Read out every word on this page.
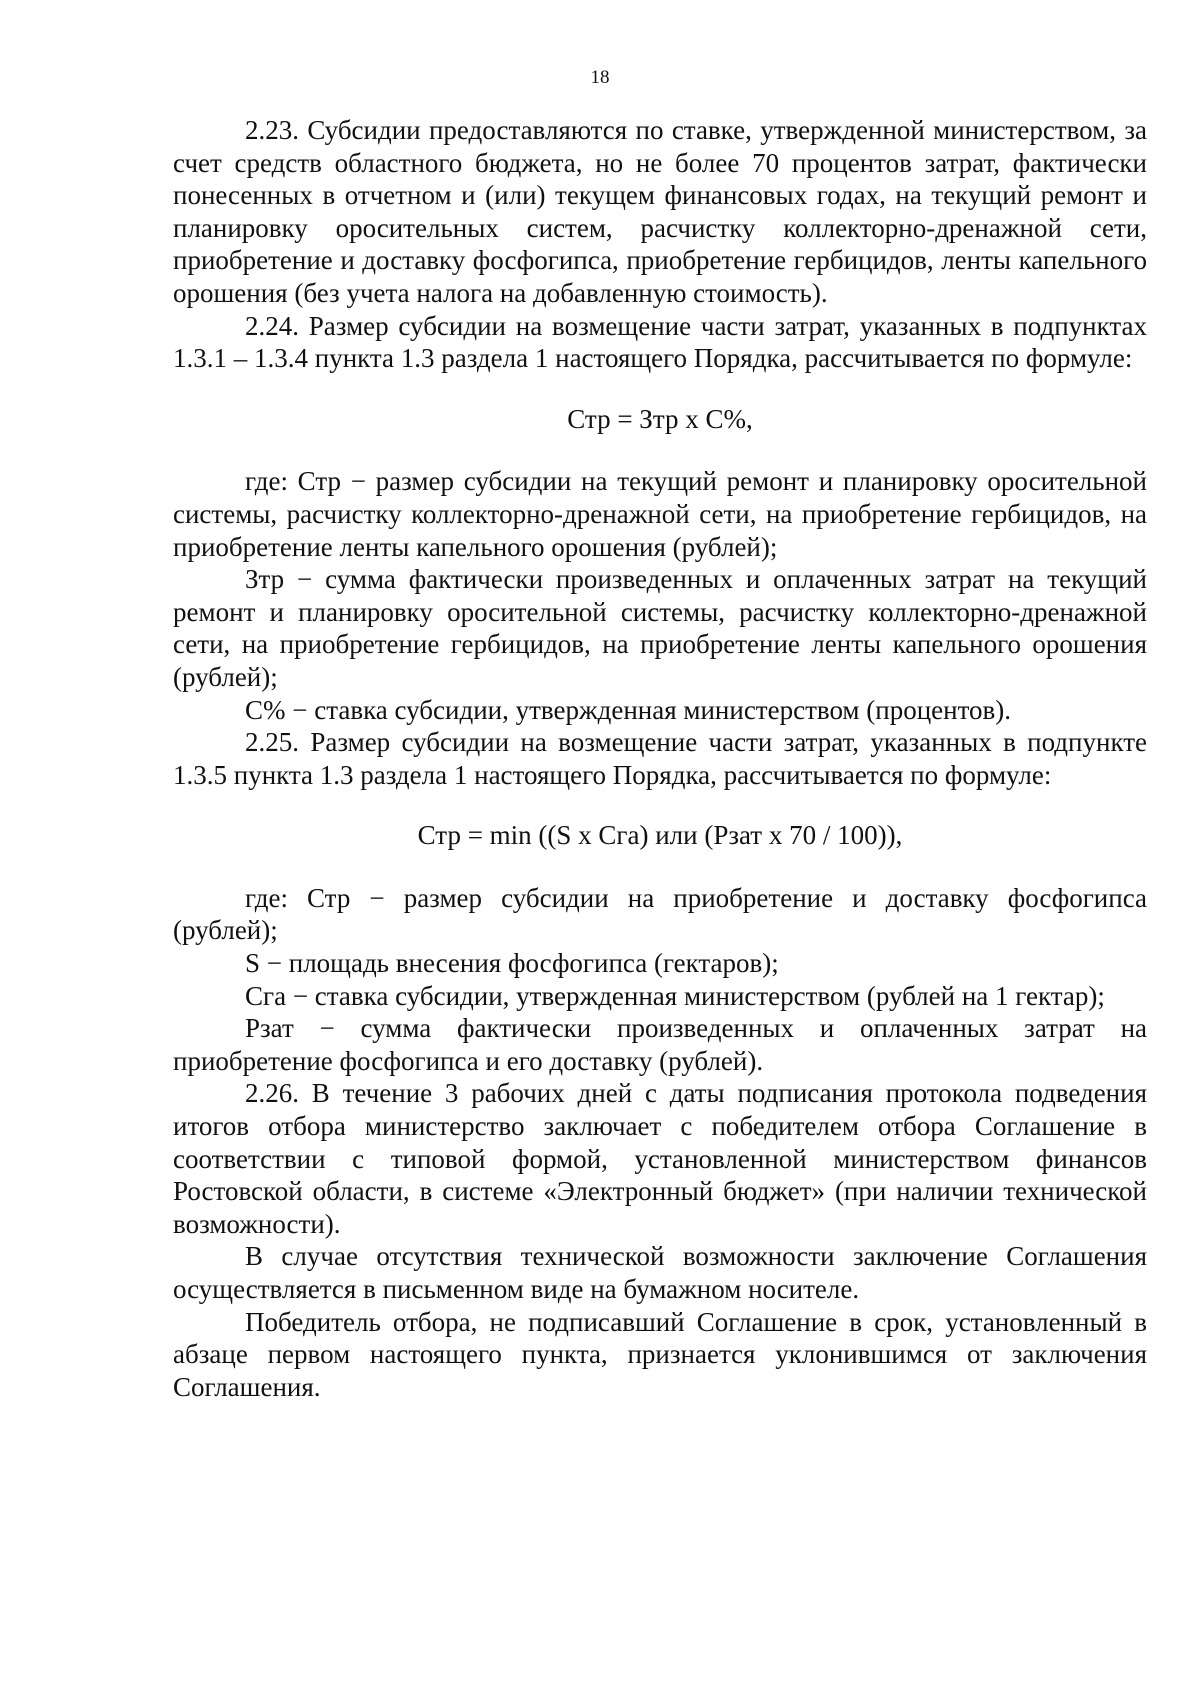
18

2.23. Субсидии предоставляются по ставке, утвержденной министерством, за счет средств областного бюджета, но не более 70 процентов затрат, фактически понесенных в отчетном и (или) текущем финансовых годах, на текущий ремонт и планировку оросительных систем, расчистку коллекторно-дренажной сети, приобретение и доставку фосфогипса, приобретение гербицидов, ленты капельного орошения (без учета налога на добавленную стоимость).

2.24. Размер субсидии на возмещение части затрат, указанных в подпунктах 1.3.1 – 1.3.4 пункта 1.3 раздела 1 настоящего Порядка, рассчитывается по формуле:

Стр = Зтр х С%,

где: Стр − размер субсидии на текущий ремонт и планировку оросительной системы, расчистку коллекторно-дренажной сети, на приобретение гербицидов, на приобретение ленты капельного орошения (рублей);

Зтр − сумма фактически произведенных и оплаченных затрат на текущий ремонт и планировку оросительной системы, расчистку коллекторно-дренажной сети, на приобретение гербицидов, на приобретение ленты капельного орошения (рублей);

С% − ставка субсидии, утвержденная министерством (процентов).

2.25. Размер субсидии на возмещение части затрат, указанных в подпункте 1.3.5 пункта 1.3 раздела 1 настоящего Порядка, рассчитывается по формуле:

Стр = min ((S х Сга) или (Рзат х 70 / 100)),

где: Стр − размер субсидии на приобретение и доставку фосфогипса (рублей);

S − площадь внесения фосфогипса (гектаров);

Сга − ставка субсидии, утвержденная министерством (рублей на 1 гектар);

Рзат − сумма фактически произведенных и оплаченных затрат на приобретение фосфогипса и его доставку (рублей).

2.26. В течение 3 рабочих дней с даты подписания протокола подведения итогов отбора министерство заключает с победителем отбора Соглашение в соответствии с типовой формой, установленной министерством финансов Ростовской области, в системе «Электронный бюджет» (при наличии технической возможности).

В случае отсутствия технической возможности заключение Соглашения осуществляется в письменном виде на бумажном носителе.

Победитель отбора, не подписавший Соглашение в срок, установленный в абзаце первом настоящего пункта, признается уклонившимся от заключения Соглашения.
